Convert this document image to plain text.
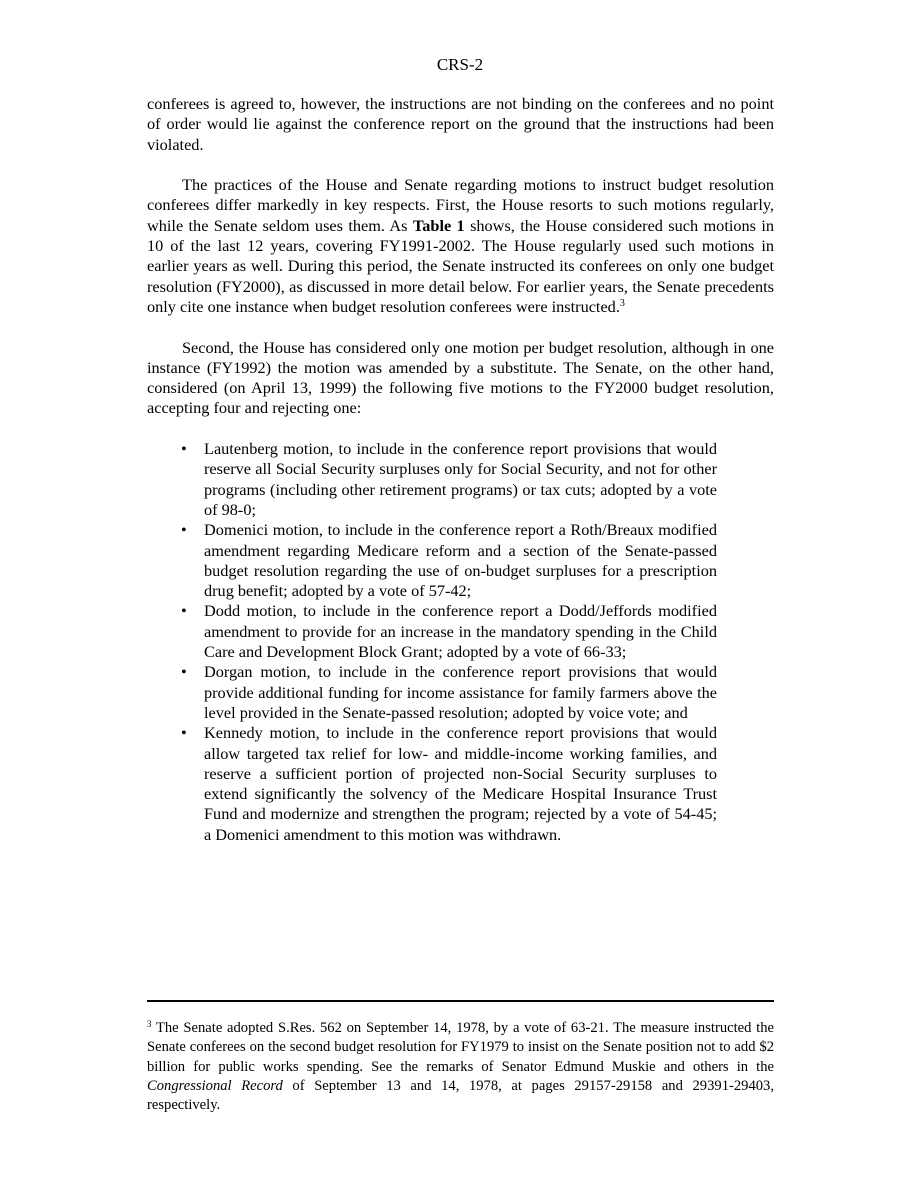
CRS-2

conferees is agreed to, however, the instructions are not binding on the conferees and no point of order would lie against the conference report on the ground that the instructions had been violated.

The practices of the House and Senate regarding motions to instruct budget resolution conferees differ markedly in key respects. First, the House resorts to such motions regularly, while the Senate seldom uses them. As Table 1 shows, the House considered such motions in 10 of the last 12 years, covering FY1991-2002. The House regularly used such motions in earlier years as well. During this period, the Senate instructed its conferees on only one budget resolution (FY2000), as discussed in more detail below. For earlier years, the Senate precedents only cite one instance when budget resolution conferees were instructed.$^3$

Second, the House has considered only one motion per budget resolution, although in one instance (FY1992) the motion was amended by a substitute. The Senate, on the other hand, considered (on April 13, 1999) the following five motions to the FY2000 budget resolution, accepting four and rejecting one:

• Lautenberg motion, to include in the conference report provisions that would reserve all Social Security surpluses only for Social Security, and not for other programs (including other retirement programs) or tax cuts; adopted by a vote of 98-0;
• Domenici motion, to include in the conference report a Roth/Breaux modified amendment regarding Medicare reform and a section of the Senate-passed budget resolution regarding the use of on-budget surpluses for a prescription drug benefit; adopted by a vote of 57-42;
• Dodd motion, to include in the conference report a Dodd/Jeffords modified amendment to provide for an increase in the mandatory spending in the Child Care and Development Block Grant; adopted by a vote of 66-33;
• Dorgan motion, to include in the conference report provisions that would provide additional funding for income assistance for family farmers above the level provided in the Senate-passed resolution; adopted by voice vote; and
• Kennedy motion, to include in the conference report provisions that would allow targeted tax relief for low- and middle-income working families, and reserve a sufficient portion of projected non-Social Security surpluses to extend significantly the solvency of the Medicare Hospital Insurance Trust Fund and modernize and strengthen the program; rejected by a vote of 54-45; a Domenici amendment to this motion was withdrawn.
$^3$ The Senate adopted S.Res. 562 on September 14, 1978, by a vote of 63-21. The measure instructed the Senate conferees on the second budget resolution for FY1979 to insist on the Senate position not to add $2 billion for public works spending. See the remarks of Senator Edmund Muskie and others in the Congressional Record of September 13 and 14, 1978, at pages 29157-29158 and 29391-29403, respectively.
